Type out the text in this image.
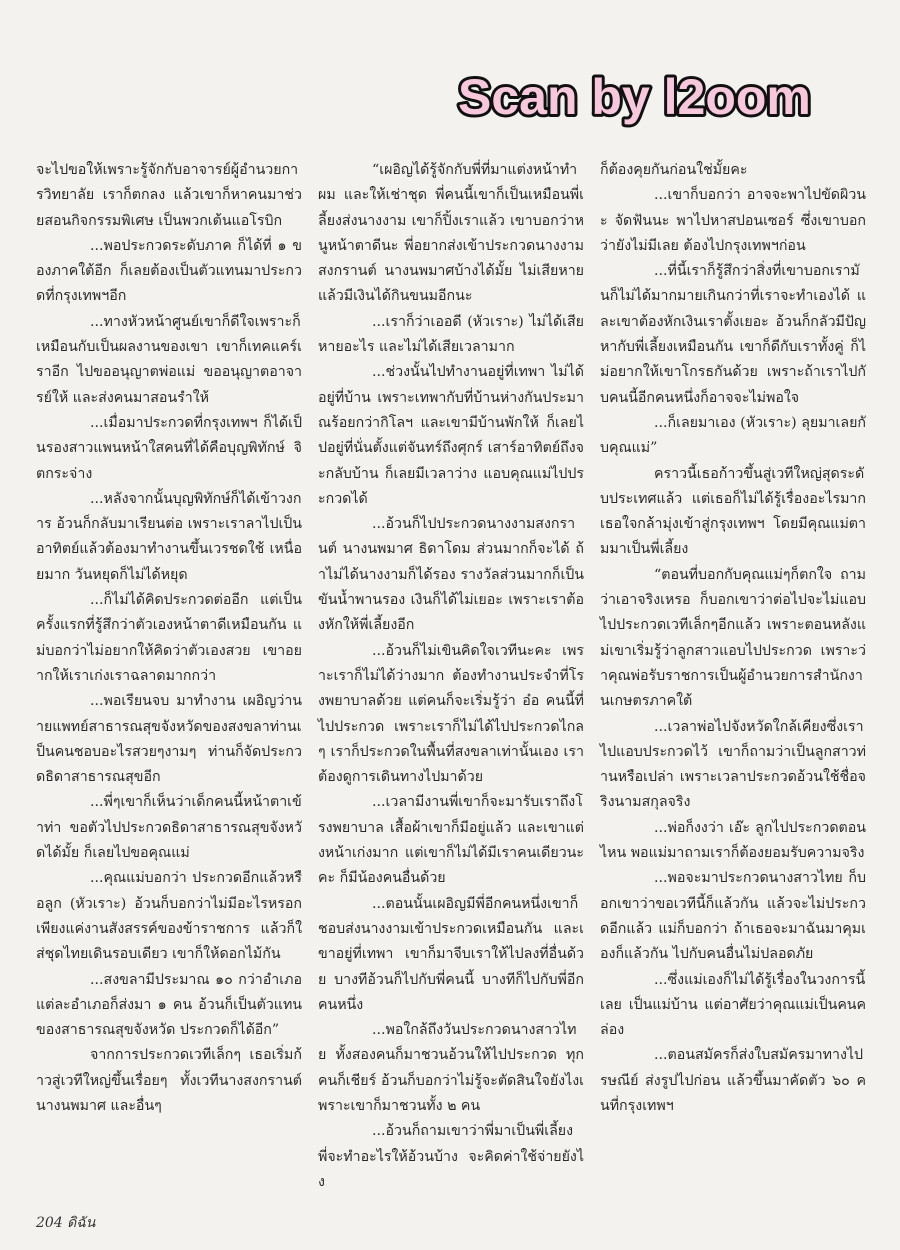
Scan by l2oom

จะไปขอให้เพราะรู้จักกับอาจารย์ผู้อำนวยการวิทยาลัย เราก็ตกลง แล้วเขาก็หาคนมาช่วยสอนกิจกรรมพิเศษ เป็นพวกเต้นแอโรบิก

...พอประกวดระดับภาค ก็ได้ที่ ๑ ของภาคใต้อีก ก็เลยต้องเป็นตัวแทนมาประกวดที่กรุงเทพฯอีก

...ทางหัวหน้าศูนย์เขาก็ดีใจเพราะก็เหมือนกับเป็นผลงานของเขา เขาก็เทคแคร์เราอีก ไปขออนุญาตพ่อแม่ ขออนุญาตอาจารย์ให้ และส่งคนมาสอนรำให้

...เมื่อมาประกวดที่กรุงเทพฯ ก็ได้เป็นรองสาวแพนหน้าใสคนที่ได้คือบุญพิทักษ์ จิตกระจ่าง

...หลังจากนั้นบุญพิทักษ์ก็ได้เข้าวงการ อ้วนก็กลับมาเรียนต่อ เพราะเราลาไปเป็นอาทิตย์แล้วต้องมาทำงานขึ้นเวรชดใช้ เหนื่อยมาก วันหยุดก็ไม่ได้หยุด

...ก็ไม่ได้คิดประกวดต่ออีก แต่เป็นครั้งแรกที่รู้สึกว่าตัวเองหน้าตาดีเหมือนกัน แม่บอกว่าไม่อยากให้คิดว่าตัวเองสวย เขาอยากให้เราเก่งเราฉลาดมากกว่า

...พอเรียนจบ มาทำงาน เผอิญว่านายแพทย์สาธารณสุขจังหวัดของสงขลาท่านเป็นคนชอบอะไรสวยๆงามๆ ท่านก็จัดประกวดธิดาสาธารณสุขอีก

...พี่ๆเขาก็เห็นว่าเด็กคนนี้หน้าตาเข้าท่า ขอตัวไปประกวดธิดาสาธารณสุขจังหวัดได้มั้ย ก็เลยไปขอคุณแม่

...คุณแม่บอกว่า ประกวดอีกแล้วหรือลูก (หัวเราะ) อ้วนก็บอกว่าไม่มีอะไรหรอก เพียงแค่งานสังสรรค์ของข้าราชการ แล้วก็ใส่ชุดไทยเดินรอบเดียว เขาก็ให้ดอกไม้กัน

...สงขลามีประมาณ ๑๐ กว่าอำเภอ แต่ละอำเภอก็ส่งมา ๑ คน อ้วนก็เป็นตัวแทนของสาธารณสุขจังหวัด ประกวดก็ได้อีก”

จากการประกวดเวทีเล็กๆ เธอเริ่มก้าวสู่เวทีใหญ่ขึ้นเรื่อยๆ ทั้งเวทีนางสงกรานต์ นางนพมาศ และอื่นๆ

“เผอิญได้รู้จักกับพี่ที่มาแต่งหน้าทำผม และให้เช่าชุด พี่คนนี้เขาก็เป็นเหมือนพี่เลี้ยงส่งนางงาม เขาก็ปิ้งเราแล้ว เขาบอกว่าหนูหน้าตาดีนะ พี่อยากส่งเข้าประกวดนางงามสงกรานต์ นางนพมาศบ้างได้มั้ย ไม่เสียหาย แล้วมีเงินได้กินขนมอีกนะ

...เราก็ว่าเออดี (หัวเราะ) ไม่ได้เสียหายอะไร และไม่ได้เสียเวลามาก

...ช่วงนั้นไปทำงานอยู่ที่เทพา ไม่ได้อยู่ที่บ้าน เพราะเทพากับที่บ้านห่างกันประมาณร้อยกว่ากิโลฯ และเขามีบ้านพักให้ ก็เลยไปอยู่ที่นั่นตั้งแต่จันทร์ถึงศุกร์ เสาร์อาทิตย์ถึงจะกลับบ้าน ก็เลยมีเวลาว่าง แอบคุณแม่ไปประกวดได้

...อ้วนก็ไปประกวดนางงามสงกรานต์ นางนพมาศ ธิดาโดม ส่วนมากก็จะได้ ถ้าไม่ได้นางงามก็ได้รอง รางวัลส่วนมากก็เป็นขันน้ำพานรอง เงินก็ได้ไม่เยอะ เพราะเราต้องหักให้พี่เลี้ยงอีก

...อ้วนก็ไม่เขินคิดใจเวทีนะคะ เพราะเราก็ไม่ได้ว่างมาก ต้องทำงานประจำที่โรงพยาบาลด้วย แต่คนก็จะเริ่มรู้ว่า อ๋อ คนนี้ที่ไปประกวด เพราะเราก็ไม่ได้ไปประกวดไกลๆ เราก็ประกวดในพื้นที่สงขลาเท่านั้นเอง เราต้องดูการเดินทางไปมาด้วย

...เวลามีงานพี่เขาก็จะมารับเราถึงโรงพยาบาล เสื้อผ้าเขาก็มีอยู่แล้ว และเขาแต่งหน้าเก่งมาก แต่เขาก็ไม่ได้มีเราคนเดียวนะคะ ก็มีน้องคนอื่นด้วย

...ตอนนั้นเผอิญมีพี่อีกคนหนึ่งเขาก็ชอบส่งนางงามเข้าประกวดเหมือนกัน และเขาอยู่ที่เทพา เขาก็มาจีบเราให้ไปลงที่อื่นด้วย บางทีอ้วนก็ไปกับพี่คนนี้ บางทีก็ไปกับพี่อีกคนหนึ่ง

...พอใกล้ถึงวันประกวดนางสาวไทย ทั้งสองคนก็มาชวนอ้วนให้ไปประกวด ทุกคนก็เชียร์ อ้วนก็บอกว่าไม่รู้จะตัดสินใจยังไงเพราะเขาก็มาชวนทั้ง ๒ คน

...อ้วนก็ถามเขาว่าพี่มาเป็นพี่เลี้ยง พี่จะทำอะไรให้อ้วนบ้าง จะคิดค่าใช้จ่ายยังไง

ก็ต้องคุยกันก่อนใช่มั้ยคะ

...เขาก็บอกว่า อาจจะพาไปขัดผิวนะ จัดฟันนะ พาไปหาสปอนเซอร์ ซึ่งเขาบอกว่ายังไม่มีเลย ต้องไปกรุงเทพฯก่อน

...ที่นี้เราก็รู้สึกว่าสิ่งที่เขาบอกเรามันก็ไม่ได้มากมายเกินกว่าที่เราจะทำเองได้ และเขาต้องหักเงินเราตั้งเยอะ อ้วนก็กลัวมีปัญหากับพี่เลี้ยงเหมือนกัน เขาก็ดีกับเราทั้งคู่ ก็ไม่อยากให้เขาโกรธกันด้วย เพราะถ้าเราไปกับคนนี้อีกคนหนึ่งก็อาจจะไม่พอใจ

...ก็เลยมาเอง (หัวเราะ) ลุยมาเลยกับคุณแม่”

คราวนี้เธอก้าวขึ้นสู่เวทีใหญ่สุดระดับประเทศแล้ว แต่เธอก็ไม่ได้รู้เรื่องอะไรมาก เธอใจกล้ามุ่งเข้าสู่กรุงเทพฯ โดยมีคุณแม่ตามมาเป็นพี่เลี้ยง

“ตอนที่บอกกับคุณแม่ๆก็ตกใจ ถามว่าเอาจริงเหรอ ก็บอกเขาว่าต่อไปจะไม่แอบไปประกวดเวทีเล็กๆอีกแล้ว เพราะตอนหลังแม่เขาเริ่มรู้ว่าลูกสาวแอบไปประกวด เพราะว่าคุณพ่อรับราชการเป็นผู้อำนวยการสำนักงานเกษตรภาคใต้

...เวลาพ่อไปจังหวัดใกล้เคียงซึ่งเราไปแอบประกวดไว้ เขาก็ถามว่าเป็นลูกสาวท่านหรือเปล่า เพราะเวลาประกวดอ้วนใช้ชื่อจริงนามสกุลจริง

...พ่อก็งงว่า เอ๊ะ ลูกไปประกวดตอนไหน พอแม่มาถามเราก็ต้องยอมรับความจริง

...พอจะมาประกวดนางสาวไทย ก็บอกเขาว่าขอเวทีนี้ก็แล้วกัน แล้วจะไม่ประกวดอีกแล้ว แม่ก็บอกว่า ถ้าเธอจะมาฉันมาคุมเองก็แล้วกัน ไปกับคนอื่นไม่ปลอดภัย

...ซึ่งแม่เองก็ไม่ได้รู้เรื่องในวงการนี้เลย เป็นแม่บ้าน แต่อาศัยว่าคุณแม่เป็นคนคล่อง

...ตอนสมัครก็ส่งใบสมัครมาทางไปรษณีย์ ส่งรูปไปก่อน แล้วขึ้นมาคัดตัว ๖๐ คนที่กรุงเทพฯ

204 ดิฉัน
